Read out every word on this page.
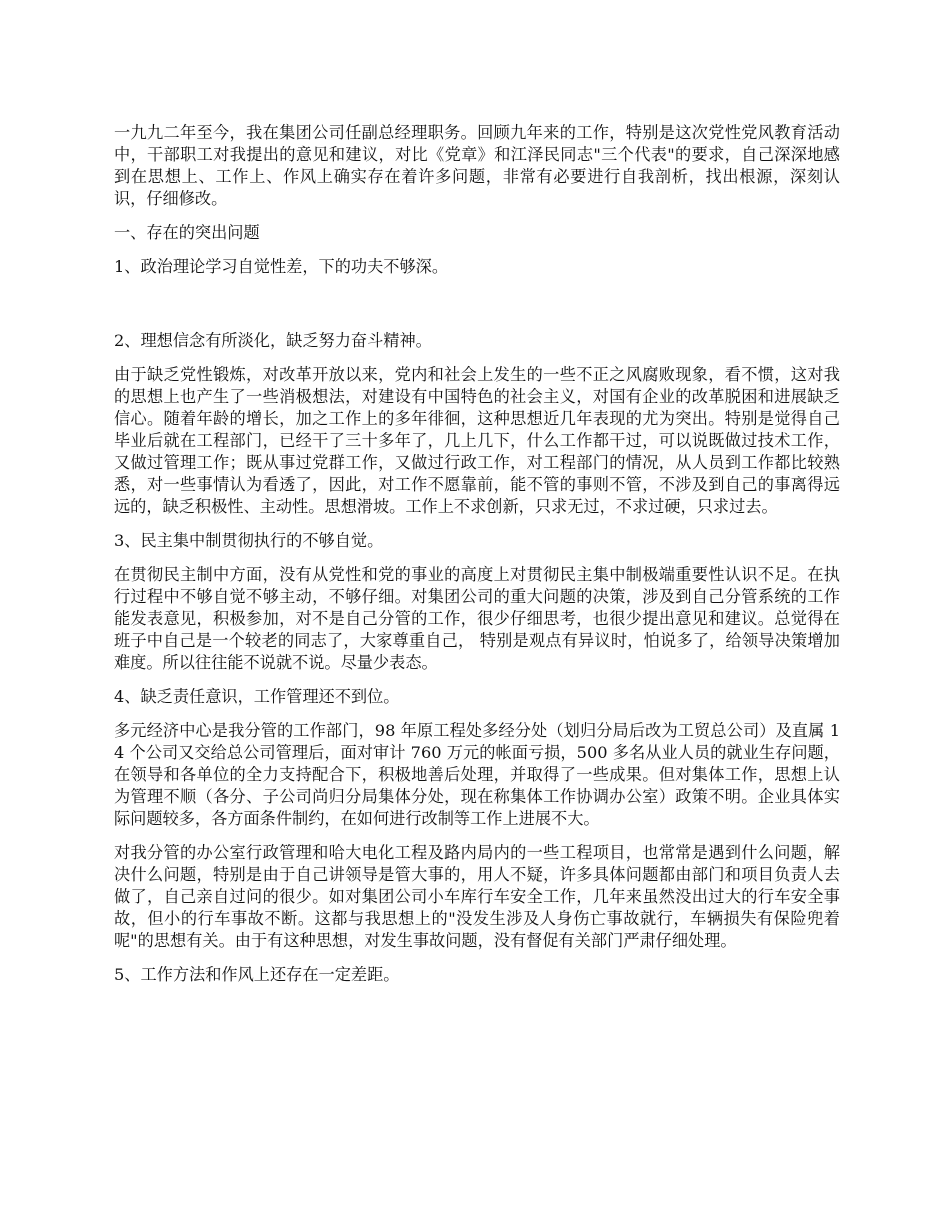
一九九二年至今，我在集团公司任副总经理职务。回顾九年来的工作，特别是这次党性党风教育活动中，干部职工对我提出的意见和建议，对比《党章》和江泽民同志"三个代表"的要求，自己深深地感到在思想上、工作上、作风上确实存在着许多问题，非常有必要进行自我剖析，找出根源，深刻认识，仔细修改。

一、存在的突出问题

1、政治理论学习自觉性差，下的功夫不够深。

2、理想信念有所淡化，缺乏努力奋斗精神。

由于缺乏党性锻炼，对改革开放以来，党内和社会上发生的一些不正之风腐败现象，看不惯，这对我的思想上也产生了一些消极想法，对建设有中国特色的社会主义，对国有企业的改革脱困和进展缺乏信心。随着年龄的增长，加之工作上的多年徘徊，这种思想近几年表现的尤为突出。特别是觉得自己毕业后就在工程部门，已经干了三十多年了，几上几下，什么工作都干过，可以说既做过技术工作，又做过管理工作；既从事过党群工作，又做过行政工作，对工程部门的情况，从人员到工作都比较熟悉，对一些事情认为看透了，因此，对工作不愿靠前，能不管的事则不管，不涉及到自己的事离得远远的，缺乏积极性、主动性。思想滑坡。工作上不求创新，只求无过，不求过硬，只求过去。

3、民主集中制贯彻执行的不够自觉。

在贯彻民主制中方面，没有从党性和党的事业的高度上对贯彻民主集中制极端重要性认识不足。在执行过程中不够自觉不够主动，不够仔细。对集团公司的重大问题的决策，涉及到自己分管系统的工作能发表意见，积极参加，对不是自己分管的工作，很少仔细思考，也很少提出意见和建议。总觉得在班子中自己是一个较老的同志了，大家尊重自己， 特别是观点有异议时，怕说多了，给领导决策增加难度。所以往往能不说就不说。尽量少表态。

4、缺乏责任意识，工作管理还不到位。

多元经济中心是我分管的工作部门，98 年原工程处多经分处（划归分局后改为工贸总公司）及直属 14 个公司又交给总公司管理后，面对审计 760 万元的帐面亏损，500 多名从业人员的就业生存问题，在领导和各单位的全力支持配合下，积极地善后处理，并取得了一些成果。但对集体工作，思想上认为管理不顺（各分、子公司尚归分局集体分处，现在称集体工作协调办公室）政策不明。企业具体实际问题较多，各方面条件制约，在如何进行改制等工作上进展不大。

对我分管的办公室行政管理和哈大电化工程及路内局内的一些工程项目，也常常是遇到什么问题，解决什么问题，特别是由于自己讲领导是管大事的，用人不疑，许多具体问题都由部门和项目负责人去做了，自己亲自过问的很少。如对集团公司小车库行车安全工作，几年来虽然没出过大的行车安全事故，但小的行车事故不断。这都与我思想上的"没发生涉及人身伤亡事故就行，车辆损失有保险兜着呢"的思想有关。由于有这种思想，对发生事故问题，没有督促有关部门严肃仔细处理。

5、工作方法和作风上还存在一定差距。
